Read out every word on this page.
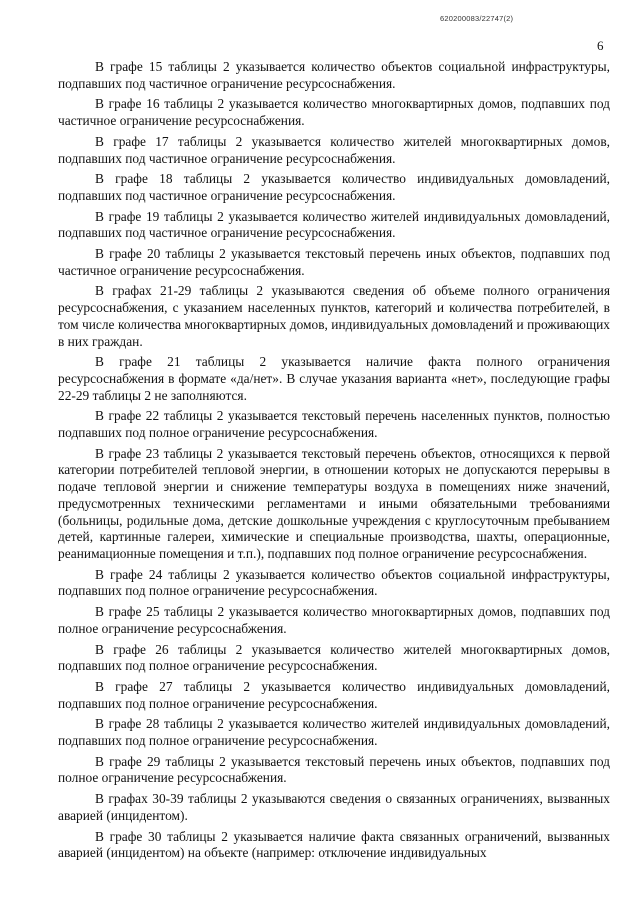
620200083/22747(2)
6

В графе 15 таблицы 2 указывается количество объектов социальной инфраструктуры, подпавших под частичное ограничение ресурсоснабжения.

В графе 16 таблицы 2 указывается количество многоквартирных домов, подпавших под частичное ограничение ресурсоснабжения.

В графе 17 таблицы 2 указывается количество жителей многоквартирных домов, подпавших под частичное ограничение ресурсоснабжения.

В графе 18 таблицы 2 указывается количество индивидуальных домовладений, подпавших под частичное ограничение ресурсоснабжения.

В графе 19 таблицы 2 указывается количество жителей индивидуальных домовладений, подпавших под частичное ограничение ресурсоснабжения.

В графе 20 таблицы 2 указывается текстовый перечень иных объектов, подпавших под частичное ограничение ресурсоснабжения.

В графах 21-29 таблицы 2 указываются сведения об объеме полного ограничения ресурсоснабжения, с указанием населенных пунктов, категорий и количества потребителей, в том числе количества многоквартирных домов, индивидуальных домовладений и проживающих в них граждан.

В графе 21 таблицы 2 указывается наличие факта полного ограничения ресурсоснабжения в формате «да/нет». В случае указания варианта «нет», последующие графы 22-29 таблицы 2 не заполняются.

В графе 22 таблицы 2 указывается текстовый перечень населенных пунктов, полностью подпавших под полное ограничение ресурсоснабжения.

В графе 23 таблицы 2 указывается текстовый перечень объектов, относящихся к первой категории потребителей тепловой энергии, в отношении которых не допускаются перерывы в подаче тепловой энергии и снижение температуры воздуха в помещениях ниже значений, предусмотренных техническими регламентами и иными обязательными требованиями (больницы, родильные дома, детские дошкольные учреждения с круглосуточным пребыванием детей, картинные галереи, химические и специальные производства, шахты, операционные, реанимационные помещения и т.п.), подпавших под полное ограничение ресурсоснабжения.

В графе 24 таблицы 2 указывается количество объектов социальной инфраструктуры, подпавших под полное ограничение ресурсоснабжения.

В графе 25 таблицы 2 указывается количество многоквартирных домов, подпавших под полное ограничение ресурсоснабжения.

В графе 26 таблицы 2 указывается количество жителей многоквартирных домов, подпавших под полное ограничение ресурсоснабжения.

В графе 27 таблицы 2 указывается количество индивидуальных домовладений, подпавших под полное ограничение ресурсоснабжения.

В графе 28 таблицы 2 указывается количество жителей индивидуальных домовладений, подпавших под полное ограничение ресурсоснабжения.

В графе 29 таблицы 2 указывается текстовый перечень иных объектов, подпавших под полное ограничение ресурсоснабжения.

В графах 30-39 таблицы 2 указываются сведения о связанных ограничениях, вызванных аварией (инцидентом).

В графе 30 таблицы 2 указывается наличие факта связанных ограничений, вызванных аварией (инцидентом) на объекте (например: отключение индивидуальных
